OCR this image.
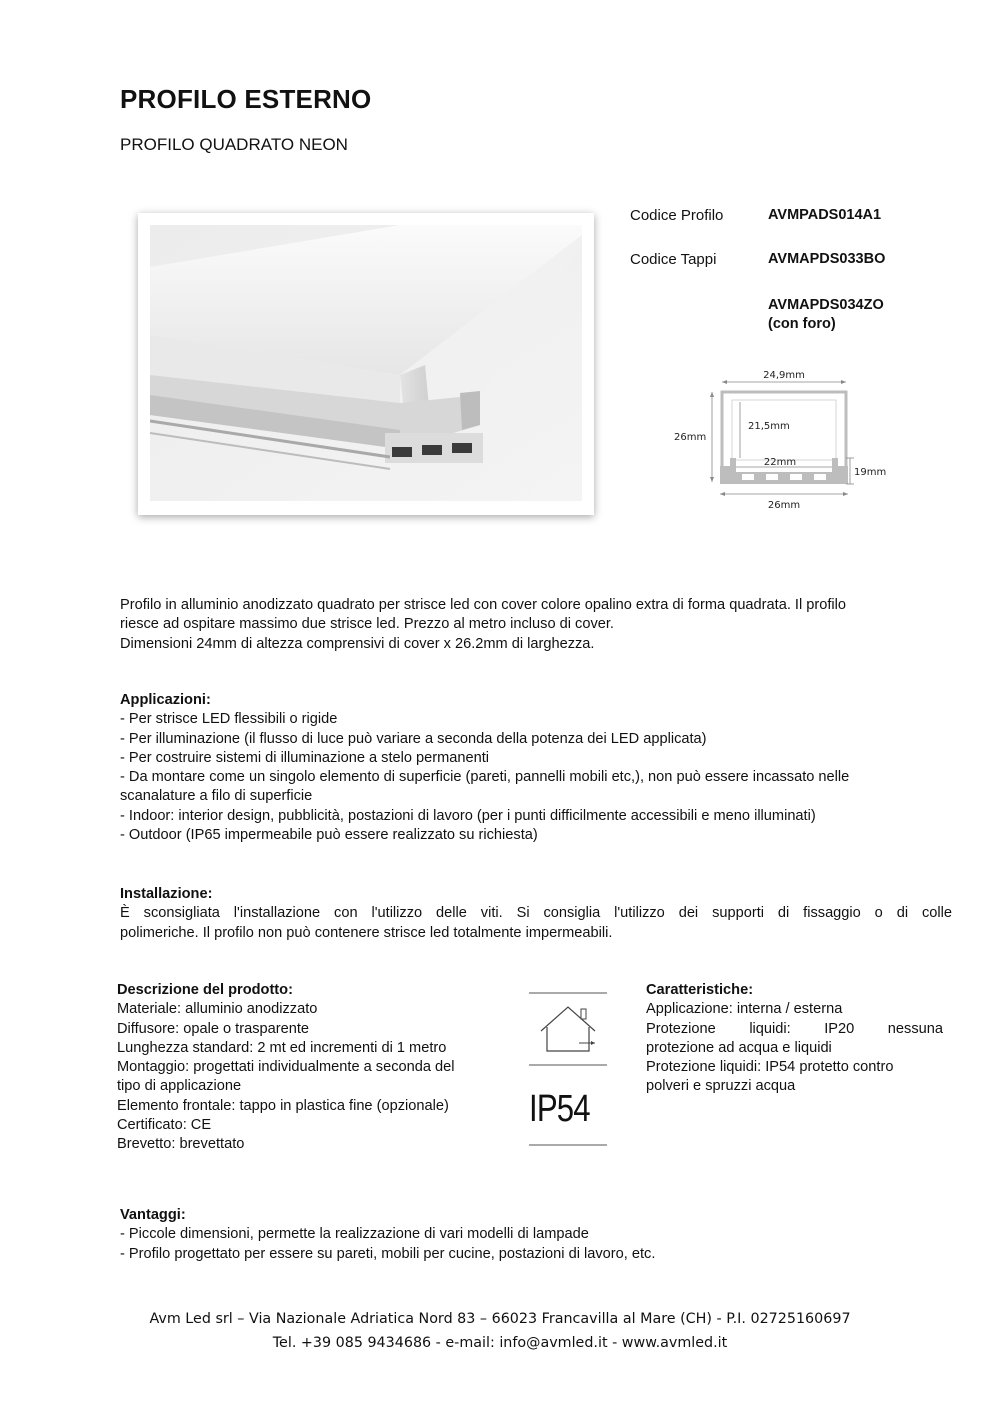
PROFILO ESTERNO
PROFILO QUADRATO NEON
Codice Profilo	AVMPADS014A1
Codice Tappi	AVMAPDS033BO
AVMAPDS034ZO
(con foro)
24,9mm
26mm
21,5mm
22mm
19mm
26mm
Profilo in alluminio anodizzato quadrato per strisce led con cover colore opalino extra di forma quadrata. Il profilo
riesce ad ospitare massimo due strisce led. Prezzo al metro incluso di cover.
Dimensioni 24mm di altezza comprensivi di cover x 26.2mm di larghezza.
Applicazioni:
- Per strisce LED flessibili o rigide
- Per illuminazione (il flusso di luce può variare a seconda della potenza dei LED applicata)
- Per costruire sistemi di illuminazione a stelo permanenti
- Da montare come un singolo elemento di superficie (pareti, pannelli mobili etc,), non può essere incassato nelle
scanalature a filo di superficie
- Indoor: interior design, pubblicità, postazioni di lavoro (per i punti difficilmente accessibili e meno illuminati)
- Outdoor (IP65 impermeabile può essere realizzato su richiesta)
Installazione:
È sconsigliata l'installazione con l'utilizzo delle viti. Si consiglia l'utilizzo dei supporti di fissaggio o di colle
polimeriche. Il profilo non può contenere strisce led totalmente impermeabili.
Descrizione del prodotto:
Materiale: alluminio anodizzato
Diffusore: opale o trasparente
Lunghezza standard: 2 mt ed incrementi di 1 metro
Montaggio: progettati individualmente a seconda del
tipo di applicazione
Elemento frontale: tappo in plastica fine (opzionale)
Certificato: CE
Brevetto: brevettato
IP54
Caratteristiche:
Applicazione: interna / esterna
Protezione liquidi: IP20 nessuna
protezione ad acqua e liquidi
Protezione liquidi: IP54 protetto contro
polveri e spruzzi acqua
Vantaggi:
- Piccole dimensioni, permette la realizzazione di vari modelli di lampade
- Profilo progettato per essere su pareti, mobili per cucine, postazioni di lavoro, etc.
Avm Led srl – Via Nazionale Adriatica Nord 83 – 66023 Francavilla al Mare (CH) - P.I. 02725160697
Tel. +39 085 9434686 - e-mail: info@avmled.it - www.avmled.it
